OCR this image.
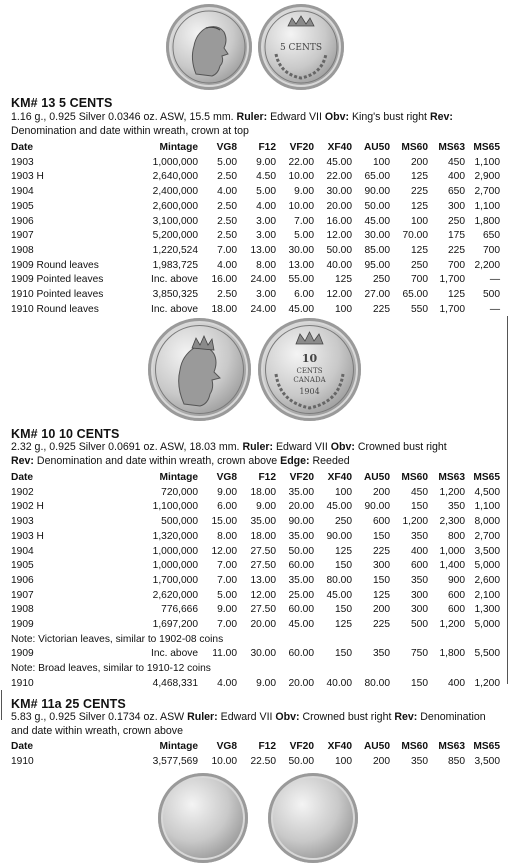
5 CENTS
KM# 13 5 CENTS
1.16 g., 0.925 Silver 0.0346 oz. ASW, 15.5 mm. Ruler: Edward VII Obv: King's bust right Rev: Denomination and date within wreath, crown at top
Date	Mintage	VG8	F12	VF20	XF40	AU50	MS60	MS63	MS65
1903	1,000,000	5.00	9.00	22.00	45.00	100	200	450	1,100
1903 H	2,640,000	2.50	4.50	10.00	22.00	65.00	125	400	2,900
1904	2,400,000	4.00	5.00	9.00	30.00	90.00	225	650	2,700
1905	2,600,000	2.50	4.00	10.00	20.00	50.00	125	300	1,100
1906	3,100,000	2.50	3.00	7.00	16.00	45.00	100	250	1,800
1907	5,200,000	2.50	3.00	5.00	12.00	30.00	70.00	175	650
1908	1,220,524	7.00	13.00	30.00	50.00	85.00	125	225	700
1909 Round leaves	1,983,725	4.00	8.00	13.00	40.00	95.00	250	700	2,200
1909 Pointed leaves	Inc. above	16.00	24.00	55.00	125	250	700	1,700	—
1910 Pointed leaves	3,850,325	2.50	3.00	6.00	12.00	27.00	65.00	125	500
1910 Round leaves	Inc. above	18.00	24.00	45.00	100	225	550	1,700	—
10
CENTS
CANADA
1904
KM# 10 10 CENTS
2.32 g., 0.925 Silver 0.0691 oz. ASW, 18.03 mm. Ruler: Edward VII Obv: Crowned bust right
Rev: Denomination and date within wreath, crown above Edge: Reeded
Date	Mintage	VG8	F12	VF20	XF40	AU50	MS60	MS63	MS65
1902	720,000	9.00	18.00	35.00	100	200	450	1,200	4,500
1902 H	1,100,000	6.00	9.00	20.00	45.00	90.00	150	350	1,100
1903	500,000	15.00	35.00	90.00	250	600	1,200	2,300	8,000
1903 H	1,320,000	8.00	18.00	35.00	90.00	150	350	800	2,700
1904	1,000,000	12.00	27.50	50.00	125	225	400	1,000	3,500
1905	1,000,000	7.00	27.50	60.00	150	300	600	1,400	5,000
1906	1,700,000	7.00	13.00	35.00	80.00	150	350	900	2,600
1907	2,620,000	5.00	12.00	25.00	45.00	125	300	600	2,100
1908	776,666	9.00	27.50	60.00	150	200	300	600	1,300
1909	1,697,200	7.00	20.00	45.00	125	225	500	1,200	5,000
Note: Victorian leaves, similar to 1902-08 coins									
1909	Inc. above	11.00	30.00	60.00	150	350	750	1,800	5,500
Note: Broad leaves, similar to 1910-12 coins									
1910	4,468,331	4.00	9.00	20.00	40.00	80.00	150	400	1,200
KM# 11a 25 CENTS
5.83 g., 0.925 Silver 0.1734 oz. ASW Ruler: Edward VII Obv: Crowned bust right Rev: Denomination and date within wreath, crown above
Date	Mintage	VG8	F12	VF20	XF40	AU50	MS60	MS63	MS65
1910	3,577,569	10.00	22.50	50.00	100	200	350	850	3,500
